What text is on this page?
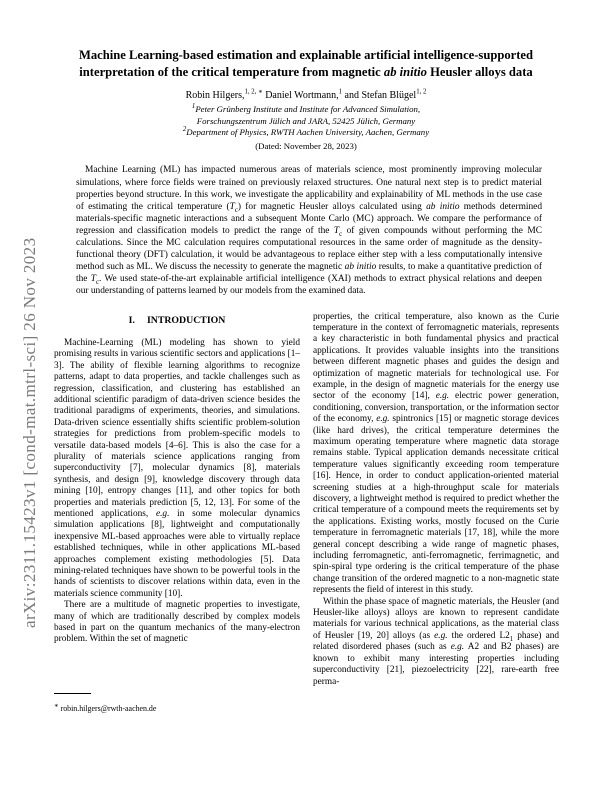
arXiv:2311.15423v1 [cond-mat.mtrl-sci] 26 Nov 2023
Machine Learning-based estimation and explainable artificial intelligence-supported
interpretation of the critical temperature from magnetic ab initio Heusler alloys data
Robin Hilgers,$^{1, 2, ∗}$ Daniel Wortmann,$^1$ and Stefan Blügel$^{1, 2}$
$^1$Peter Grünberg Institute and Institute for Advanced Simulation,
Forschungszentrum Jülich and JARA, 52425 Jülich, Germany
$^2$Department of Physics, RWTH Aachen University, Aachen, Germany
(Dated: November 28, 2023)
Machine Learning (ML) has impacted numerous areas of materials science, most prominently improving molecular simulations, where force fields were trained on previously relaxed structures. One natural next step is to predict material properties beyond structure. In this work, we investigate the applicability and explainability of ML methods in the use case of estimating the critical temperature $(T_c)$ for magnetic Heusler alloys calculated using ab initio methods determined materials-specific magnetic interactions and a subsequent Monte Carlo (MC) approach. We compare the performance of regression and classification models to predict the range of the $T_c$ of given compounds without performing the MC calculations. Since the MC calculation requires computational resources in the same order of magnitude as the density-functional theory (DFT) calculation, it would be advantageous to replace either step with a less computationally intensive method such as ML. We discuss the necessity to generate the magnetic ab initio results, to make a quantitative prediction of the $T_c$. We used state-of-the-art explainable artificial intelligence (XAI) methods to extract physical relations and deepen our understanding of patterns learned by our models from the examined data.
I. INTRODUCTION

Machine-Learning (ML) modeling has shown to yield promising results in various scientific sectors and applications [1–3]. The ability of flexible learning algorithms to recognize patterns, adapt to data properties, and tackle challenges such as regression, classification, and clustering has established an additional scientific paradigm of data-driven science besides the traditional paradigms of experiments, theories, and simulations. Data-driven science essentially shifts scientific problem-solution strategies for predictions from problem-specific models to versatile data-based models [4–6]. This is also the case for a plurality of materials science applications ranging from superconductivity [7], molecular dynamics [8], materials synthesis, and design [9], knowledge discovery through data mining [10], entropy changes [11], and other topics for both properties and materials prediction [5, 12, 13]. For some of the mentioned applications, e.g. in some molecular dynamics simulation applications [8], lightweight and computationally inexpensive ML-based approaches were able to virtually replace established techniques, while in other applications ML-based approaches complement existing methodologies [5]. Data mining-related techniques have shown to be powerful tools in the hands of scientists to discover relations within data, even in the materials science community [10].

There are a multitude of magnetic properties to investigate, many of which are traditionally described by complex models based in part on the quantum mechanics of the many-electron problem. Within the set of magnetic

properties, the critical temperature, also known as the Curie temperature in the context of ferromagnetic materials, represents a key characteristic in both fundamental physics and practical applications. It provides valuable insights into the transitions between different magnetic phases and guides the design and optimization of magnetic materials for technological use. For example, in the design of magnetic materials for the energy use sector of the economy [14], e.g. electric power generation, conditioning, conversion, transportation, or the information sector of the economy, e.g. spintronics [15] or magnetic storage devices (like hard drives), the critical temperature determines the maximum operating temperature where magnetic data storage remains stable. Typical application demands necessitate critical temperature values significantly exceeding room temperature [16]. Hence, in order to conduct application-oriented material screening studies at a high-throughput scale for materials discovery, a lightweight method is required to predict whether the critical temperature of a compound meets the requirements set by the applications. Existing works, mostly focused on the Curie temperature in ferromagnetic materials [17, 18], while the more general concept describing a wide range of magnetic phases, including ferromagnetic, anti-ferromagnetic, ferrimagnetic, and spin-spiral type ordering is the critical temperature of the phase change transition of the ordered magnetic to a non-magnetic state represents the field of interest in this study.

Within the phase space of magnetic materials, the Heusler (and Heusler-like alloys) alloys are known to represent candidate materials for various technical applications, as the material class of Heusler [19, 20] alloys (as e.g. the ordered $L2_1$ phase) and related disordered phases (such as e.g. A2 and B2 phases) are known to exhibit many interesting properties including superconductivity [21], piezoelectricity [22], rare-earth free perma-

∗ robin.hilgers@rwth-aachen.de
